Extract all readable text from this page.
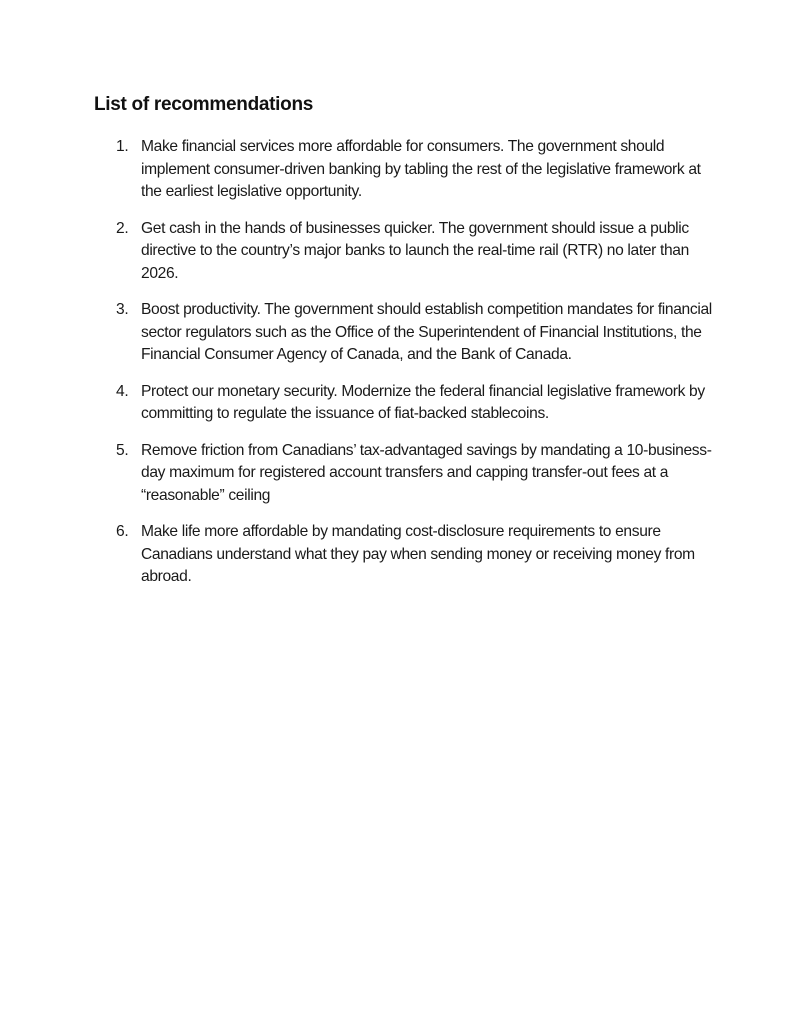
List of recommendations
1. Make financial services more affordable for consumers. The government should implement consumer-driven banking by tabling the rest of the legislative framework at the earliest legislative opportunity.
2. Get cash in the hands of businesses quicker. The government should issue a public directive to the country’s major banks to launch the real-time rail (RTR) no later than 2026.
3. Boost productivity. The government should establish competition mandates for financial sector regulators such as the Office of the Superintendent of Financial Institutions, the Financial Consumer Agency of Canada, and the Bank of Canada.
4. Protect our monetary security. Modernize the federal financial legislative framework by committing to regulate the issuance of fiat-backed stablecoins.
5. Remove friction from Canadians’ tax-advantaged savings by mandating a 10-business-day maximum for registered account transfers and capping transfer-out fees at a “reasonable” ceiling
6. Make life more affordable by mandating cost-disclosure requirements to ensure Canadians understand what they pay when sending money or receiving money from abroad.
